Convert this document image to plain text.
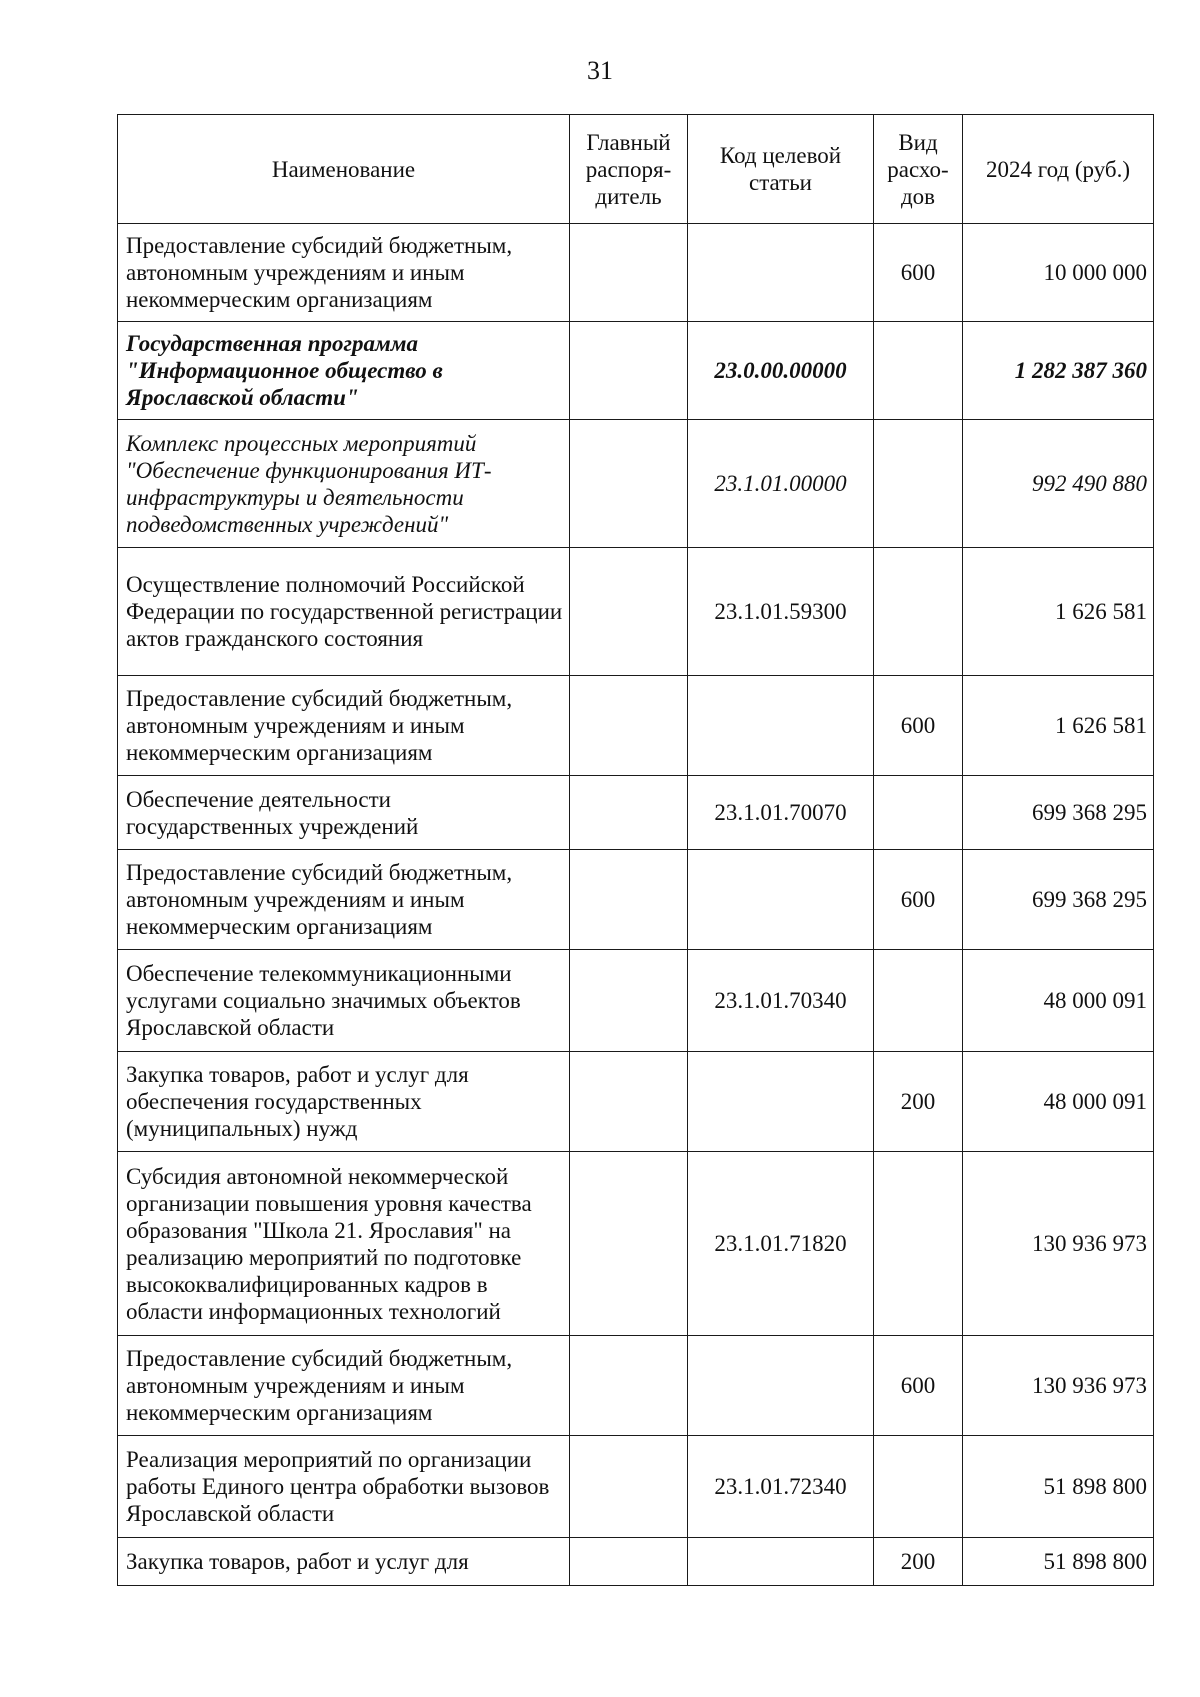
31
Наименование	Главный распоря-дитель	Код целевой статьи	Вид расхо-дов	2024 год (руб.)
Предоставление субсидий бюджетным, автономным учреждениям и иным некоммерческим организациям			600	10 000 000
Государственная программа "Информационное общество в Ярославской области"		23.0.00.00000		1 282 387 360
Комплекс процессных мероприятий "Обеспечение функционирования ИТ-инфраструктуры и деятельности подведомственных учреждений"		23.1.01.00000		992 490 880
Осуществление полномочий Российской Федерации по государственной регистрации актов гражданского состояния		23.1.01.59300		1 626 581
Предоставление субсидий бюджетным, автономным учреждениям и иным некоммерческим организациям			600	1 626 581
Обеспечение деятельности государственных учреждений		23.1.01.70070		699 368 295
Предоставление субсидий бюджетным, автономным учреждениям и иным некоммерческим организациям			600	699 368 295
Обеспечение телекоммуникационными услугами социально значимых объектов Ярославской области		23.1.01.70340		48 000 091
Закупка товаров, работ и услуг для обеспечения государственных (муниципальных) нужд			200	48 000 091
Субсидия автономной некоммерческой организации повышения уровня качества образования "Школа 21. Ярославия" на реализацию мероприятий по подготовке высококвалифицированных кадров в области информационных технологий		23.1.01.71820		130 936 973
Предоставление субсидий бюджетным, автономным учреждениям и иным некоммерческим организациям			600	130 936 973
Реализация мероприятий по организации работы Единого центра обработки вызовов Ярославской области		23.1.01.72340		51 898 800
Закупка товаров, работ и услуг для			200	51 898 800
